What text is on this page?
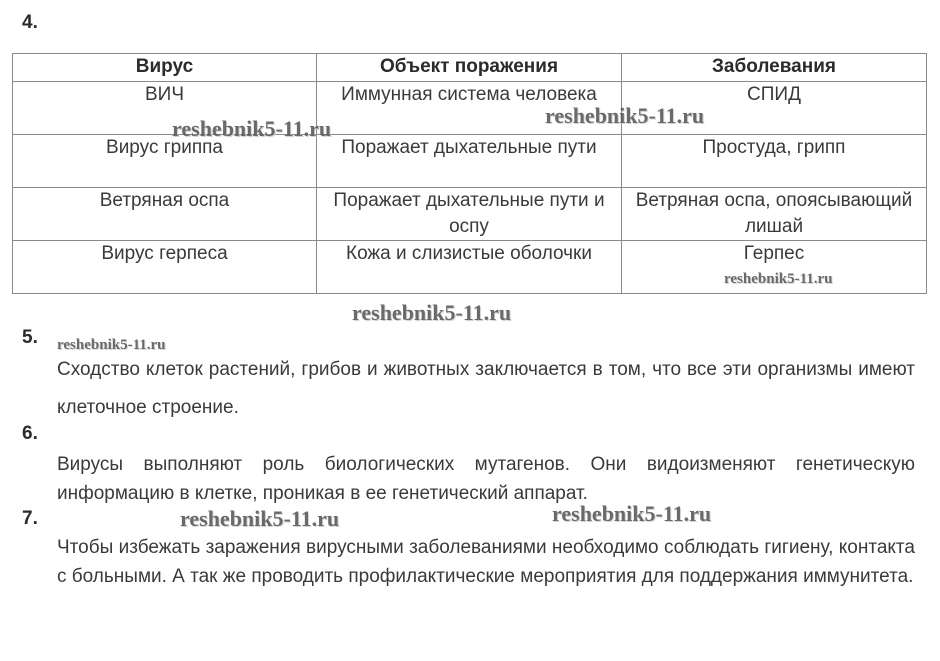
4.
Вирус	Объект поражения	Заболевания
ВИЧ	Иммунная система человека	СПИД
Вирус гриппа	Поражает дыхательные пути	Простуда, грипп
Ветряная оспа	Поражает дыхательные пути и оспу	Ветряная оспа, опоясывающий лишай
Вирус герпеса	Кожа и слизистые оболочки	Герпес
5.
Сходство клеток растений, грибов и животных заключается в том, что все эти организмы имеют клеточное строение.
6.
Вирусы выполняют роль биологических мутагенов. Они видоизменяют генетическую информацию в клетке, проникая в ее генетический аппарат.
7.
Чтобы избежать заражения вирусными заболеваниями необходимо соблюдать гигиену, контакта с больными. А так же проводить профилактические мероприятия для поддержания иммунитета.
reshebnik5-11.ru
reshebnik5-11.ru
reshebnik5-11.ru
reshebnik5-11.ru
reshebnik5-11.ru
reshebnik5-11.ru	reshebnik5-11.ru
